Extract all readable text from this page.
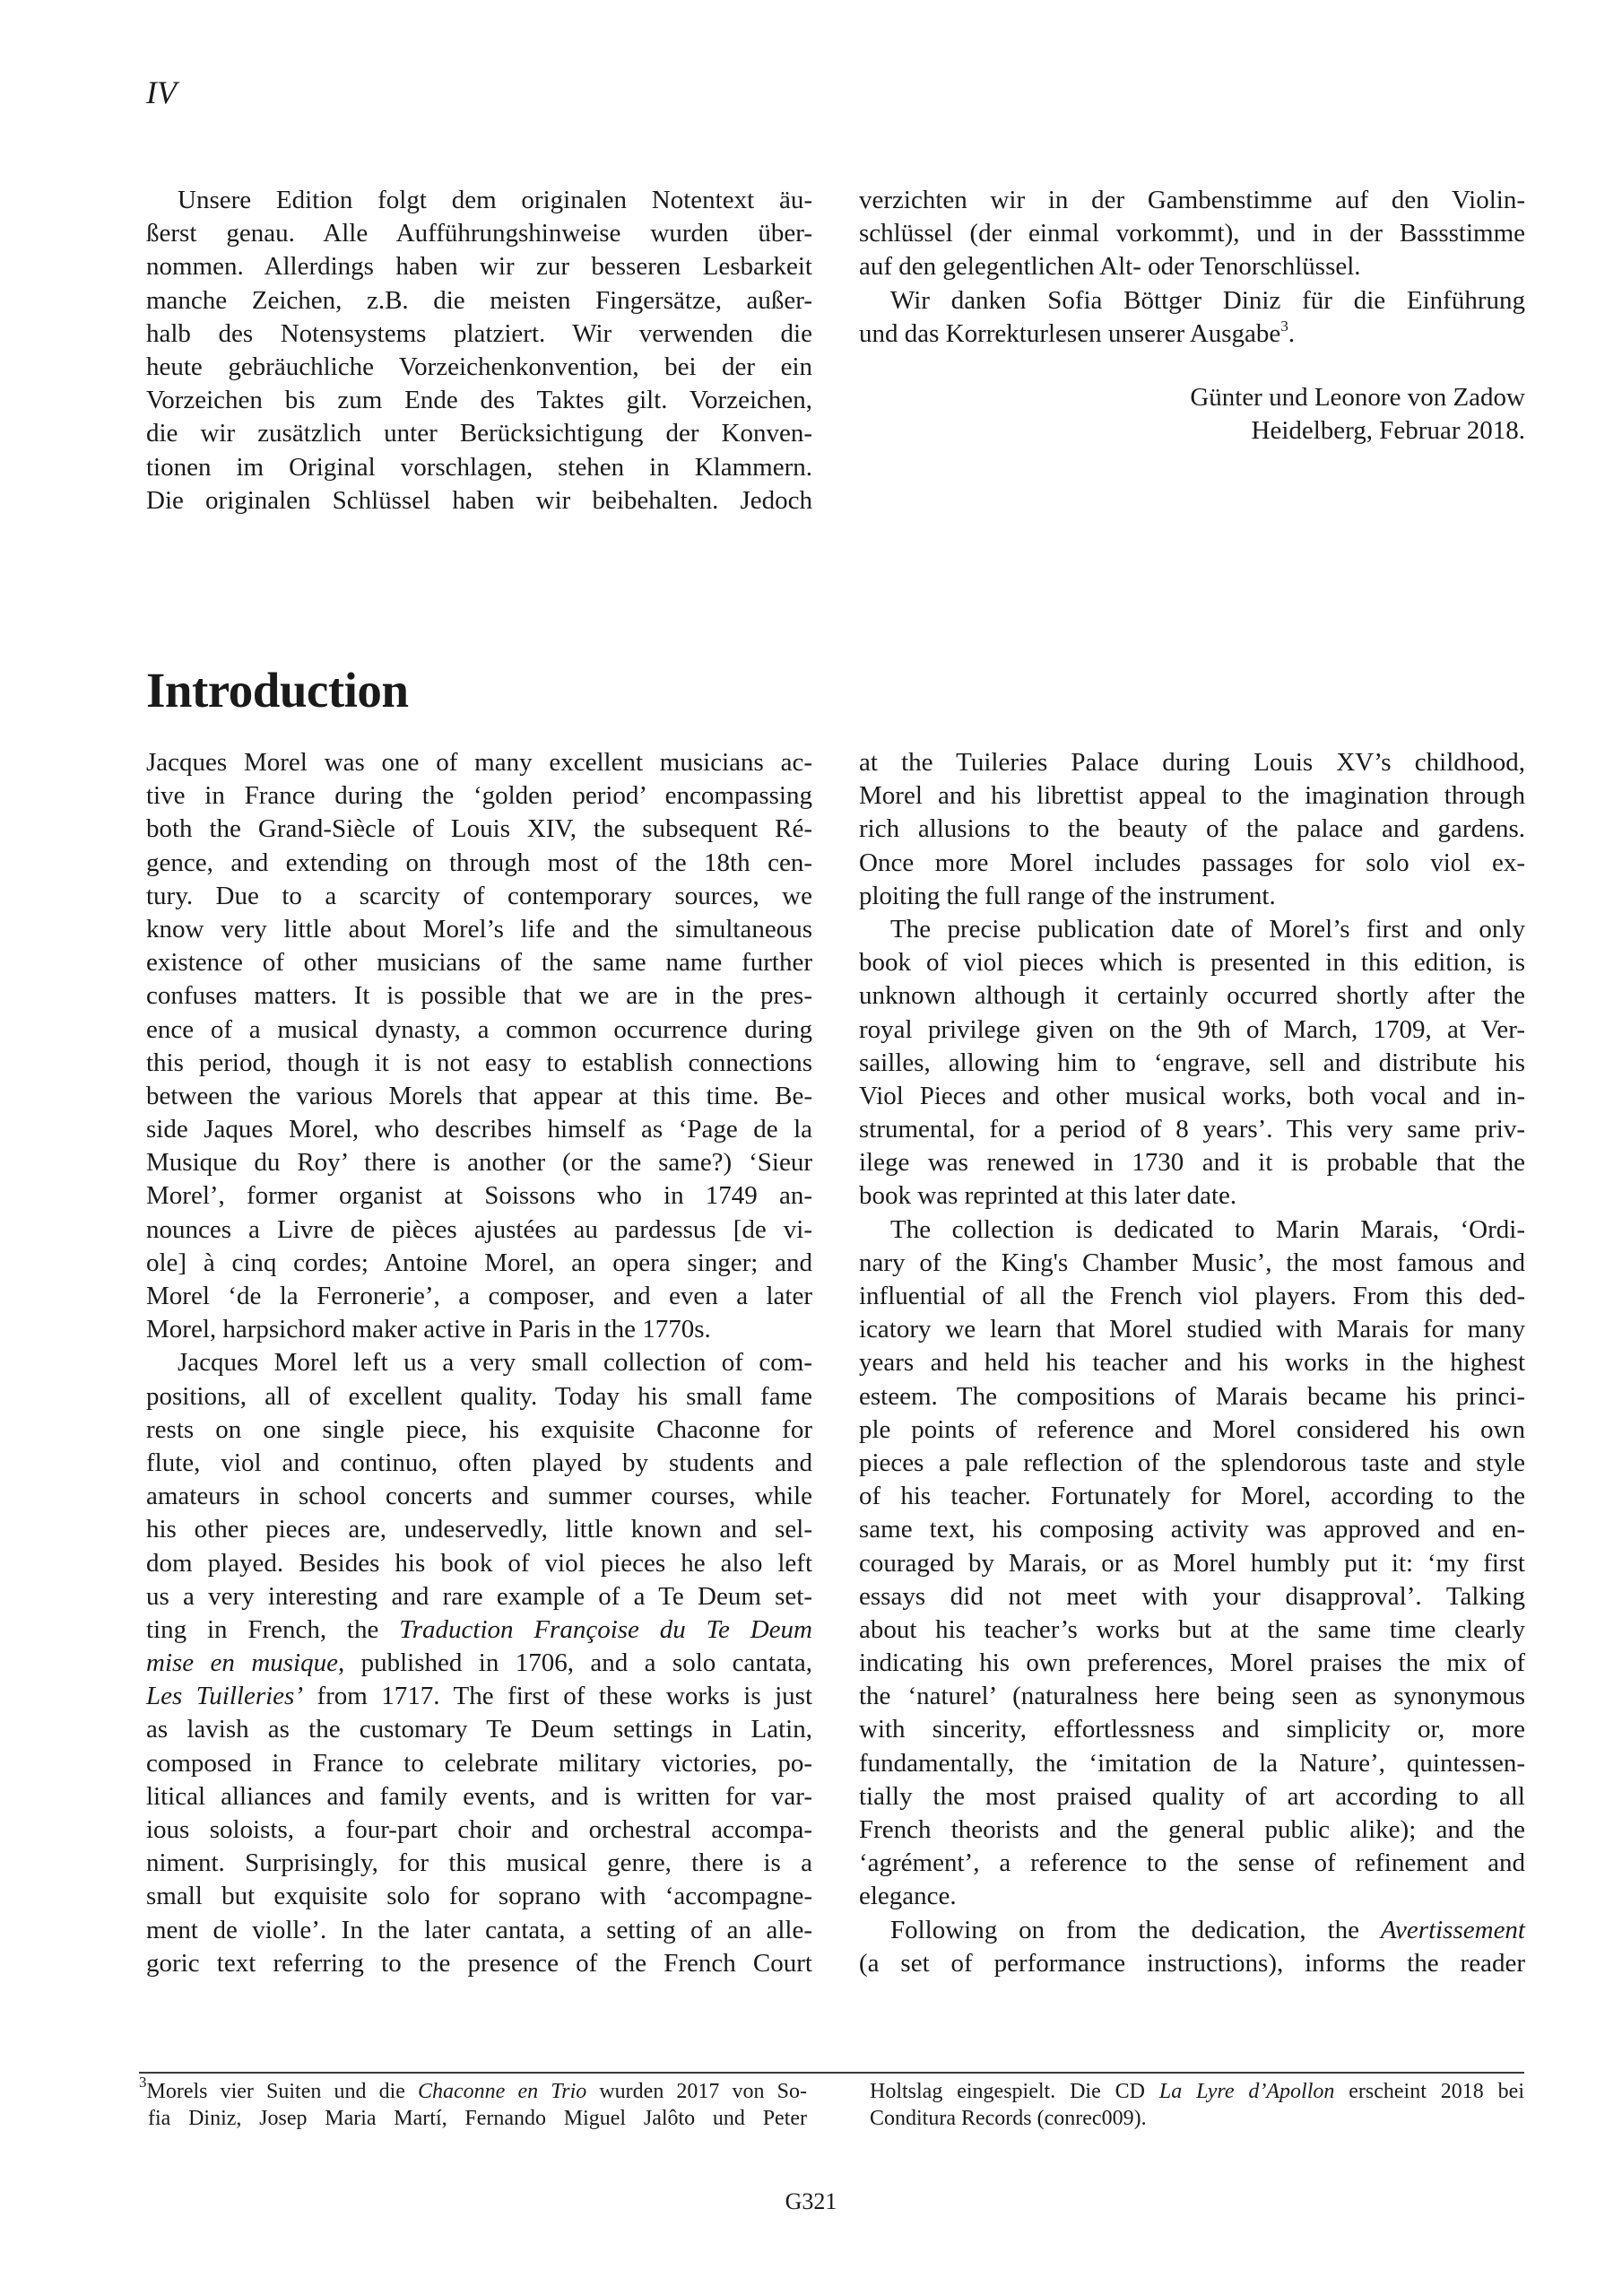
IV
Unsere Edition folgt dem originalen Notentext äu-
ßerst genau. Alle Aufführungshinweise wurden über-
nommen. Allerdings haben wir zur besseren Lesbarkeit
manche Zeichen, z.B. die meisten Fingersätze, außer-
halb des Notensystems platziert. Wir verwenden die
heute gebräuchliche Vorzeichenkonvention, bei der ein
Vorzeichen bis zum Ende des Taktes gilt. Vorzeichen,
die wir zusätzlich unter Berücksichtigung der Konven-
tionen im Original vorschlagen, stehen in Klammern.
Die originalen Schlüssel haben wir beibehalten. Jedoch
verzichten wir in der Gambenstimme auf den Violin-
schlüssel (der einmal vorkommt), und in der Bassstimme
auf den gelegentlichen Alt- oder Tenorschlüssel.
Wir danken Sofia Böttger Diniz für die Einführung
und das Korrekturlesen unserer Ausgabe$^3$.
Günter und Leonore von Zadow
Heidelberg, Februar 2018.
Introduction
Jacques Morel was one of many excellent musicians ac-
tive in France during the ‘golden period’ encompassing
both the Grand-Siècle of Louis XIV, the subsequent Ré-
gence, and extending on through most of the 18th cen-
tury. Due to a scarcity of contemporary sources, we
know very little about Morel’s life and the simultaneous
existence of other musicians of the same name further
confuses matters. It is possible that we are in the pres-
ence of a musical dynasty, a common occurrence during
this period, though it is not easy to establish connections
between the various Morels that appear at this time. Be-
side Jaques Morel, who describes himself as ‘Page de la
Musique du Roy’ there is another (or the same?) ‘Sieur
Morel’, former organist at Soissons who in 1749 an-
nounces a Livre de pièces ajustées au pardessus [de vi-
ole] à cinq cordes; Antoine Morel, an opera singer; and
Morel ‘de la Ferronerie’, a composer, and even a later
Morel, harpsichord maker active in Paris in the 1770s.
Jacques Morel left us a very small collection of com-
positions, all of excellent quality. Today his small fame
rests on one single piece, his exquisite Chaconne for
flute, viol and continuo, often played by students and
amateurs in school concerts and summer courses, while
his other pieces are, undeservedly, little known and sel-
dom played. Besides his book of viol pieces he also left
us a very interesting and rare example of a Te Deum set-
ting in French, the Traduction Françoise du Te Deum
mise en musique, published in 1706, and a solo cantata,
Les Tuilleries’ from 1717. The first of these works is just
as lavish as the customary Te Deum settings in Latin,
composed in France to celebrate military victories, po-
litical alliances and family events, and is written for var-
ious soloists, a four-part choir and orchestral accompa-
niment. Surprisingly, for this musical genre, there is a
small but exquisite solo for soprano with ‘accompagne-
ment de violle’. In the later cantata, a setting of an alle-
goric text referring to the presence of the French Court
at the Tuileries Palace during Louis XV’s childhood,
Morel and his librettist appeal to the imagination through
rich allusions to the beauty of the palace and gardens.
Once more Morel includes passages for solo viol ex-
ploiting the full range of the instrument.
The precise publication date of Morel’s first and only
book of viol pieces which is presented in this edition, is
unknown although it certainly occurred shortly after the
royal privilege given on the 9th of March, 1709, at Ver-
sailles, allowing him to ‘engrave, sell and distribute his
Viol Pieces and other musical works, both vocal and in-
strumental, for a period of 8 years’. This very same priv-
ilege was renewed in 1730 and it is probable that the
book was reprinted at this later date.
The collection is dedicated to Marin Marais, ‘Ordi-
nary of the King's Chamber Music’, the most famous and
influential of all the French viol players. From this ded-
icatory we learn that Morel studied with Marais for many
years and held his teacher and his works in the highest
esteem. The compositions of Marais became his princi-
ple points of reference and Morel considered his own
pieces a pale reflection of the splendorous taste and style
of his teacher. Fortunately for Morel, according to the
same text, his composing activity was approved and en-
couraged by Marais, or as Morel humbly put it: ‘my first
essays did not meet with your disapproval’. Talking
about his teacher’s works but at the same time clearly
indicating his own preferences, Morel praises the mix of
the ‘naturel’ (naturalness here being seen as synonymous
with sincerity, effortlessness and simplicity or, more
fundamentally, the ‘imitation de la Nature’, quintessen-
tially the most praised quality of art according to all
French theorists and the general public alike); and the
‘agrément’, a reference to the sense of refinement and
elegance.
Following on from the dedication, the Avertissement
(a set of performance instructions), informs the reader
$^3$Morels vier Suiten und die Chaconne en Trio wurden 2017 von So-
fia Diniz, Josep Maria Martí, Fernando Miguel Jalôto und Peter
Holtslag eingespielt. Die CD La Lyre d’Apollon erscheint 2018 bei
Conditura Records (conrec009).
G321
